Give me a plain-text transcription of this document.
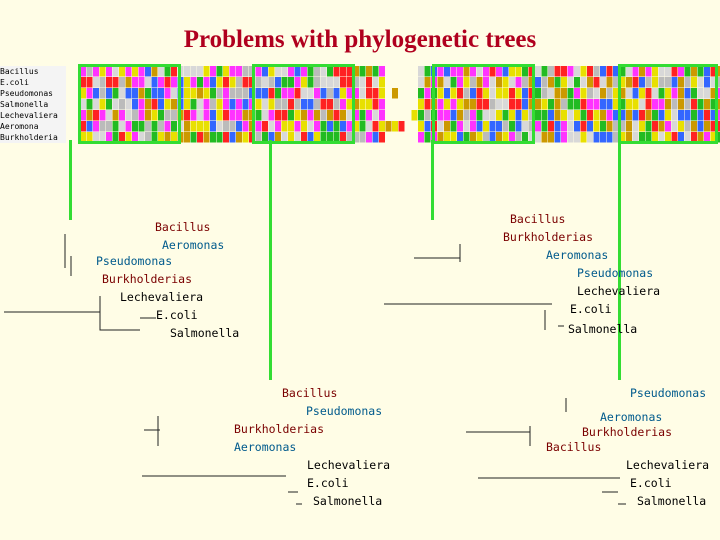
Problems with phylogenetic trees
Bacillus
E.coli
Pseudomonas
Salmonella
Lechevaliera
Aeromona
Burkholderia
Bacillus
Aeromonas
Pseudomonas
Burkholderias
Lechevaliera
E.coli
Salmonella
Bacillus
Burkholderias
Aeromonas
Pseudomonas
Lechevaliera
E.coli
Salmonella
Bacillus
Pseudomonas
Burkholderias
Aeromonas
Lechevaliera
E.coli
Salmonella
Pseudomonas
Aeromonas
Burkholderias
Bacillus
Lechevaliera
E.coli
Salmonella
